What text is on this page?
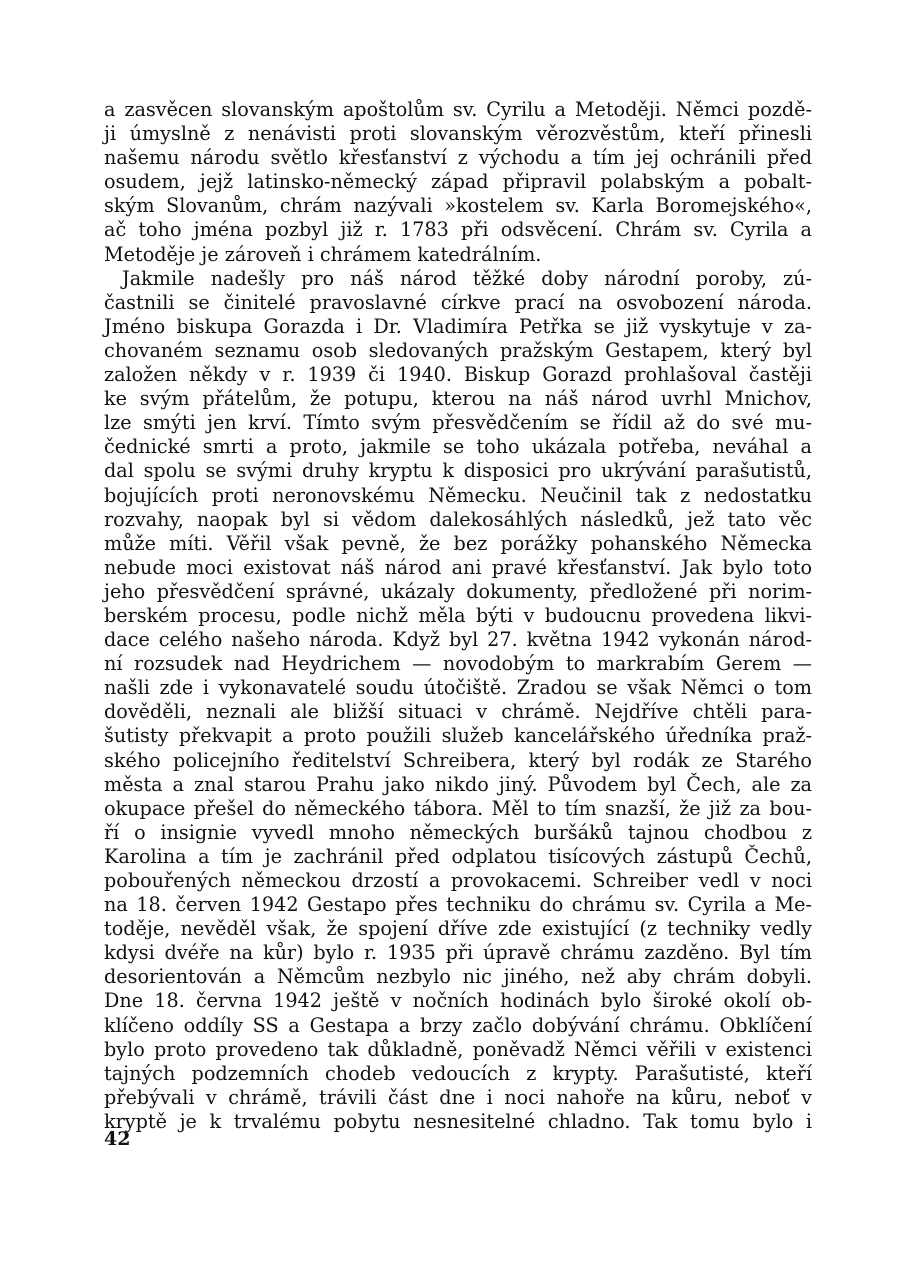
a zasvěcen slovanským apoštolům sv. Cyrilu a Metoději. Němci pozdě-
ji úmyslně z nenávisti proti slovanským věrozvěstům, kteří přinesli
našemu národu světlo křesťanství z východu a tím jej ochránili před
osudem, jejž latinsko-německý západ připravil polabským a pobalt-
ským Slovanům, chrám nazývali »kostelem sv. Karla Boromejského«,
ač toho jména pozbyl již r. 1783 při odsvěcení. Chrám sv. Cyrila a
Metoděje je zároveň i chrámem katedrálním.
Jakmile nadešly pro náš národ těžké doby národní poroby, zú-
častnili se činitelé pravoslavné církve prací na osvobození národa.
Jméno biskupa Gorazda i Dr. Vladimíra Petřka se již vyskytuje v za-
chovaném seznamu osob sledovaných pražským Gestapem, který byl
založen někdy v r. 1939 či 1940. Biskup Gorazd prohlašoval častěji
ke svým přátelům, že potupu, kterou na náš národ uvrhl Mnichov,
lze smýti jen krví. Tímto svým přesvědčením se řídil až do své mu-
čednické smrti a proto, jakmile se toho ukázala potřeba, neváhal a
dal spolu se svými druhy kryptu k disposici pro ukrývání parašutistů,
bojujících proti neronovskému Německu. Neučinil tak z nedostatku
rozvahy, naopak byl si vědom dalekosáhlých následků, jež tato věc
může míti. Věřil však pevně, že bez porážky pohanského Německa
nebude moci existovat náš národ ani pravé křesťanství. Jak bylo toto
jeho přesvědčení správné, ukázaly dokumenty, předložené při norim-
berském procesu, podle nichž měla býti v budoucnu provedena likvi-
dace celého našeho národa. Když byl 27. května 1942 vykonán národ-
ní rozsudek nad Heydrichem — novodobým to markrabím Gerem —
našli zde i vykonavatelé soudu útočiště. Zradou se však Němci o tom
dověděli, neznali ale bližší situaci v chrámě. Nejdříve chtěli para-
šutisty překvapit a proto použili služeb kancelářského úředníka praž-
ského policejního ředitelství Schreibera, který byl rodák ze Starého
města a znal starou Prahu jako nikdo jiný. Původem byl Čech, ale za
okupace přešel do německého tábora. Měl to tím snazší, že již za bou-
ří o insignie vyvedl mnoho německých buršáků tajnou chodbou z
Karolina a tím je zachránil před odplatou tisícových zástupů Čechů,
pobouřených německou drzostí a provokacemi. Schreiber vedl v noci
na 18. červen 1942 Gestapo přes techniku do chrámu sv. Cyrila a Me-
toděje, nevěděl však, že spojení dříve zde existující (z techniky vedly
kdysi dvéře na kůr) bylo r. 1935 při úpravě chrámu zazděno. Byl tím
desorientován a Němcům nezbylo nic jiného, než aby chrám dobyli.
Dne 18. června 1942 ještě v nočních hodinách bylo široké okolí ob-
klíčeno oddíly SS a Gestapa a brzy začlo dobývání chrámu. Obklíčení
bylo proto provedeno tak důkladně, poněvadž Němci věřili v existenci
tajných podzemních chodeb vedoucích z krypty. Parašutisté, kteří
přebývali v chrámě, trávili část dne i noci nahoře na kůru, neboť v
kryptě je k trvalému pobytu nesnesitelné chladno. Tak tomu bylo i
42
